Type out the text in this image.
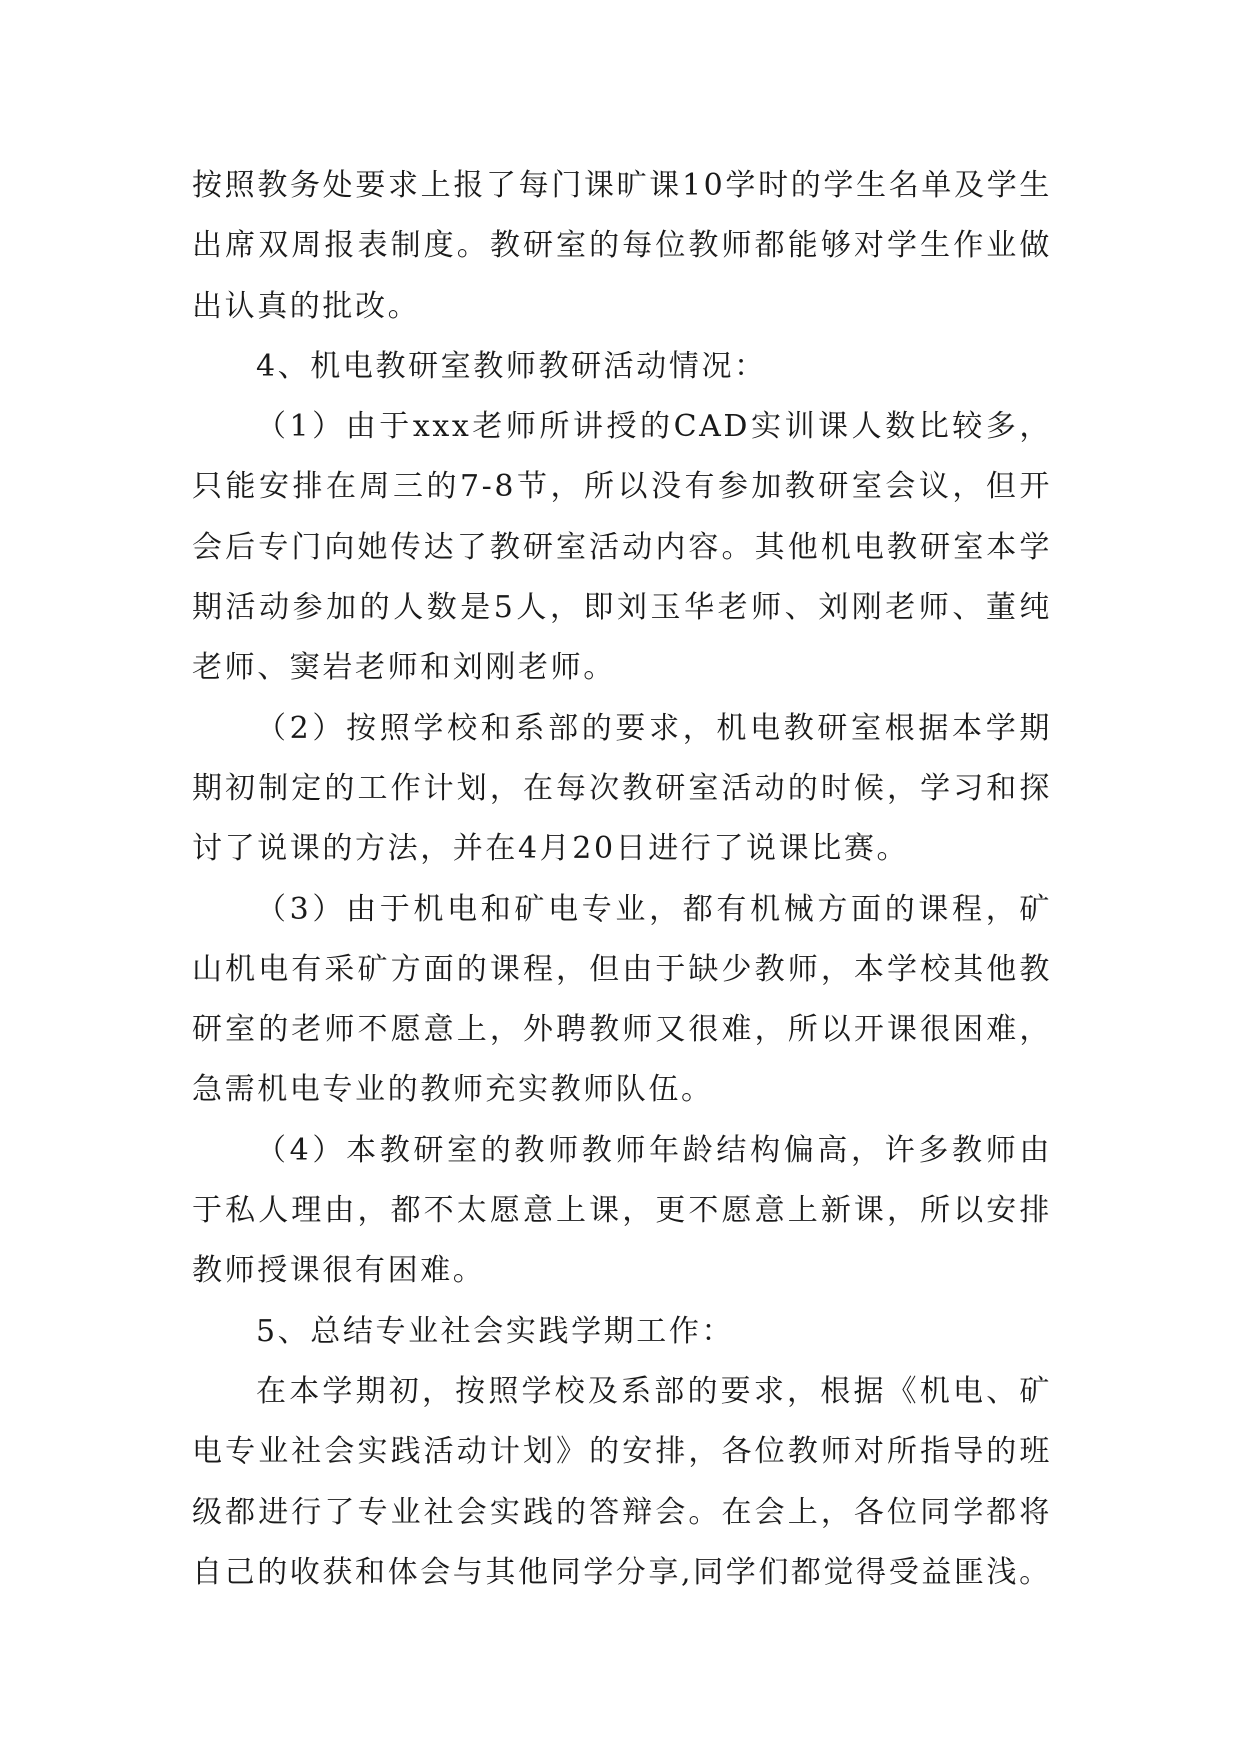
按照教务处要求上报了每门课旷课10学时的学生名单及学生出席双周报表制度。教研室的每位教师都能够对学生作业做出认真的批改。

4、机电教研室教师教研活动情况：

（1）由于xxx老师所讲授的CAD实训课人数比较多，只能安排在周三的7-8节，所以没有参加教研室会议，但开会后专门向她传达了教研室活动内容。其他机电教研室本学期活动参加的人数是5人，即刘玉华老师、刘刚老师、董纯老师、窦岩老师和刘刚老师。

（2）按照学校和系部的要求，机电教研室根据本学期期初制定的工作计划，在每次教研室活动的时候，学习和探讨了说课的方法，并在4月20日进行了说课比赛。

（3）由于机电和矿电专业，都有机械方面的课程，矿山机电有采矿方面的课程，但由于缺少教师，本学校其他教研室的老师不愿意上，外聘教师又很难，所以开课很困难，急需机电专业的教师充实教师队伍。

（4）本教研室的教师教师年龄结构偏高，许多教师由于私人理由，都不太愿意上课，更不愿意上新课，所以安排教师授课很有困难。

5、总结专业社会实践学期工作：

在本学期初，按照学校及系部的要求，根据《机电、矿电专业社会实践活动计划》的安排，各位教师对所指导的班级都进行了专业社会实践的答辩会。在会上，各位同学都将自己的收获和体会与其他同学分享,同学们都觉得受益匪浅。
